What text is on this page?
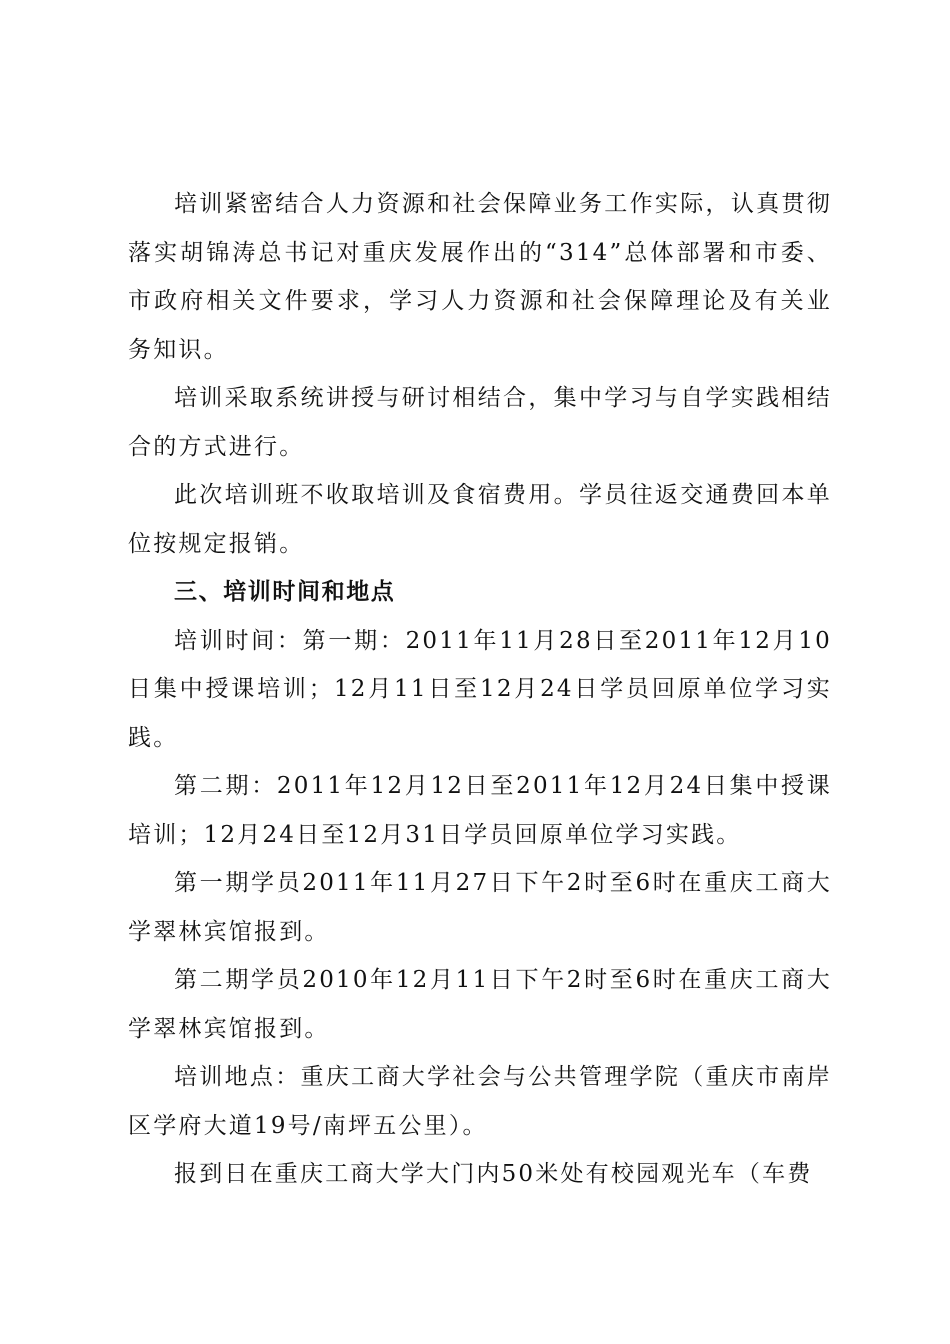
培训紧密结合人力资源和社会保障业务工作实际，认真贯彻落实胡锦涛总书记对重庆发展作出的“314”总体部署和市委、市政府相关文件要求，学习人力资源和社会保障理论及有关业务知识。

培训采取系统讲授与研讨相结合，集中学习与自学实践相结合的方式进行。

此次培训班不收取培训及食宿费用。学员往返交通费回本单位按规定报销。

三、培训时间和地点

培训时间：第一期：2011年11月28日至2011年12月10日集中授课培训；12月11日至12月24日学员回原单位学习实践。

第二期：2011年12月12日至2011年12月24日集中授课培训；12月24日至12月31日学员回原单位学习实践。

第一期学员2011年11月27日下午2时至6时在重庆工商大学翠林宾馆报到。

第二期学员2010年12月11日下午2时至6时在重庆工商大学翠林宾馆报到。

培训地点：重庆工商大学社会与公共管理学院（重庆市南岸区学府大道19号/南坪五公里）。

报到日在重庆工商大学大门内50米处有校园观光车（车费
